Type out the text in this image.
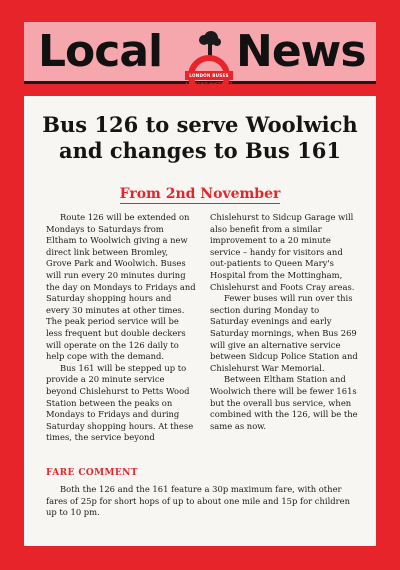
Local	LONDON BUSES
SELKENT DISTRICT
News
Bus 126 to serve Woolwich
and changes to Bus 161
From 2nd November

Route 126 will be extended on Mondays to Saturdays from Eltham to Woolwich giving a new direct link between Bromley, Grove Park and Woolwich. Buses will run every 20 minutes during the day on Mondays to Fridays and Saturday shopping hours and every 30 minutes at other times. The peak period service will be less frequent but double deckers will operate on the 126 daily to help cope with the demand.

Bus 161 will be stepped up to provide a 20 minute service beyond Chislehurst to Petts Wood Station between the peaks on Mondays to Fridays and during Saturday shopping hours. At these times, the service beyond

Chislehurst to Sidcup Garage will also benefit from a similar improvement to a 20 minute service – handy for visitors and out-patients to Queen Mary's Hospital from the Mottingham, Chislehurst and Foots Cray areas.

Fewer buses will run over this section during Monday to Saturday evenings and early Saturday mornings, when Bus 269 will give an alternative service between Sidcup Police Station and Chislehurst War Memorial.

Between Eltham Station and Woolwich there will be fewer 161s but the overall bus service, when combined with the 126, will be the same as now.

FARE COMMENT

Both the 126 and the 161 feature a 30p maximum fare, with other fares of 25p for short hops of up to about one mile and 15p for children up to 10 pm.
